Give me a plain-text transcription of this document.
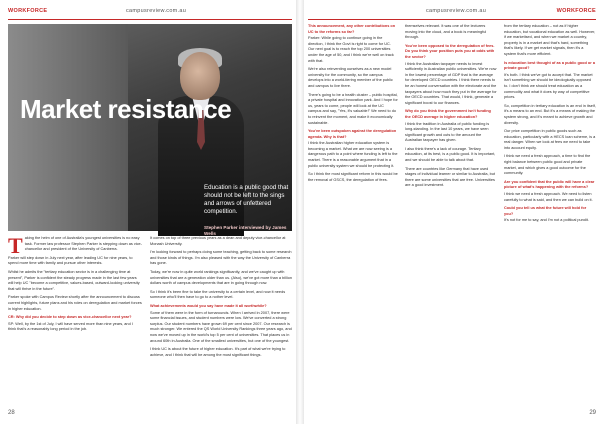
WORKFORCE	campusreview.com.au
Market resistance
Education is a public good that should not be left to the sings and arrows of unfettered competition.
Stephen Parker interviewed by James Wells

Taking the helm of one of Australia's youngest universities is no easy task. Former law professor Stephen Parker is stepping down as vice-chancellor and president of the University of Canberra.

Parker will step down in July next year, after leading UC for nine years, to spend more time with family and pursue other interests.

Whilst he admits the "tertiary education sector is in a challenging time at present", Parker is confident the steady progress made in the last few years will help UC "become a competitive, values-based, outward-looking university that will thrive in the future".

Parker spoke with Campus Review shortly after the announcement to discuss current highlights, future plans and his roles on deregulation and market forces in higher education.

CR: Why did you decide to step down as vice-chancellor next year?

SP: Well, by the 1st of July, I will have served more than nine years, and I think that's a reasonably long period in the job.

It comes on top of three previous years as a dean and deputy vice-chancellor at Monash University.

I'm looking forward to perhaps doing some teaching, getting back to some research and those kinds of things. I'm also pleased with the way the University of Canberra has gone.

Today, we're now in quite world rankings significantly, and we've caught up with universities that are a generation older than us. (Also), we've got more than a billion dollars worth of campus developments that are in going through now.

So I think it's been fine to take the university to a certain level, and now it needs someone who'll then have to go to a nother level.

What achievements would you say have made it all worthwhile?

Some of them were in the form of turnarounds. When I arrived in 2007, there were some financial issues, and student numbers were low. We've converted a strong surplus. Our student numbers have grown 69 per cent since 2007. Our research is much stronger. We entered the QS World University Rankings three years ago, and now we've moved up in the world's top 5 per cent of universities. That places us in around 60th in Australia. One of the smallest universities, but one of the youngest.

I think UC is about the future of higher education. It's part of what we're trying to achieve, and I think that will be among the most significant things.

28
campusreview.com.au	WORKFORCE

This announcement, any other contributions on UC to the reforms so far?

Parker: While going to continue going in the direction, I think the Govt is right to come for UC. Our next goal is to reach the top 200 universities under the age of 50, and I think we're well on track with that.

We're also reinventing ourselves as a new model university for the community, so the campus develops into a world-tiering member of the public and campus to live there.

There's going to be a health cluster – public hospital, a private hospital and innovation park. And I hope for us, years to come, people will look at the UC campus and say, "Yes, it's valuable!" We need to do to reinvent the moment, and make it economically sustainable.

You've been outspoken against the deregulation agenda. Why is that?

I think the Australian higher education system is becoming a market. What we are now seeing is a dangerous path to a point where funding is left to the market. There is a reasonable argument that in a public university system we should be protecting it.

So I think the most significant reform in this would be the removal of GSCS, the deregulation of fees.

themselves relevant. It was one of the lecturers moving into the cloud, and a book is meaningful through.

You've been opposed to the deregulation of fees. Do you think your position puts you at odds with the sector?

I think the Australian taxpayer needs to invest sufficiently in Australian public universities. We're now in the lowest percentage of GDP that is the average for developed OECD countries. I think there needs to be an honest conversation with the electorate and the taxpayers about how much they put in the average for the OECD countries. That would, I think, generate a significant boost to our finances.

Why do you think the government isn't funding the OECD average in higher education?

I think the tradition in Australia of public funding is long-standing. In the last 10 years, we have seen significant growth and cuts to the amount the Australian taxpayer has given.

I also think there's a lack of courage. Tertiary education, at its best, is a public good. It is important, and we should be able to talk about that.

There are countries like Germany that have used stages of individual learner or similar to Australia, but there are some universities that are free. Universities are a good investment.

from the tertiary education – not as if higher education, but vocational education as well. However, if we marketised, and when we market a country, property is in a market and that's hard, something that's likely. If we get market signals, then it's a system that's more efficient.

Is education best thought of as a public good or a private good?

It's both. I think we've got to accept that. The market isn't something we should be ideologically opposed to. I don't think we should treat education as a commodity and what it does by way of competitive prices.

So, competition in tertiary education is an end in itself, it's a means to an end. But it's a means of making the system strong, and it's meant to achieve growth and diversity.

Our price competition in public goods such as education, particularly with a HECS loan scheme, is a real danger. When we look at fees we need to take into account equity.

I think we need a fresh approach, a time to find the right balance between public good and private market, and which gives a good outcome for the community.

Are you confident that the public will have a clear picture of what's happening with the reforms?

I think we need a fresh approach. We need to listen carefully to what is said, and then we can build on it.

Could you tell us what the future will hold for you?

It's not for me to say, and I'm not a political pundit.

29
